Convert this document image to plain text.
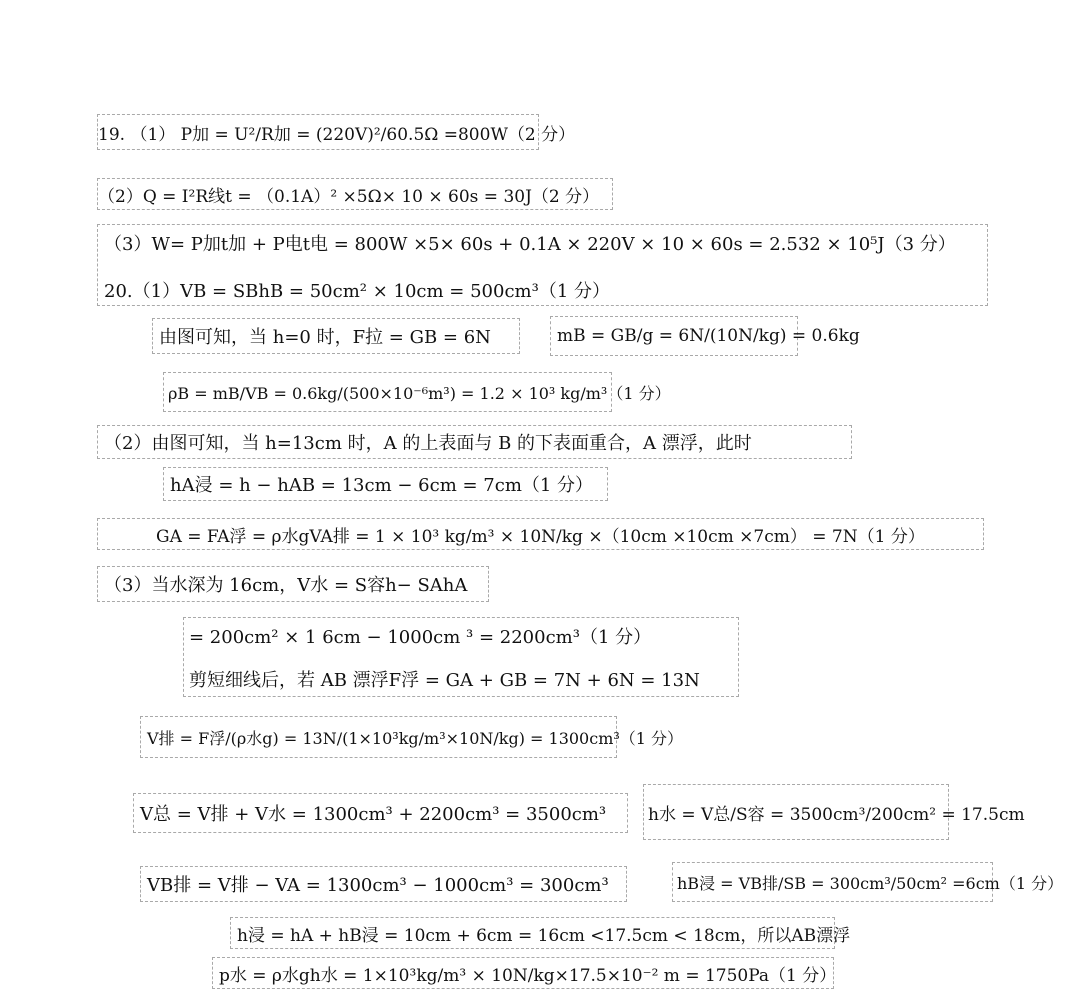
19. （1） P加 = U²/R加 = (220V)²/60.5Ω =800W（2 分）
（2）Q = I²R线t = （0.1A）² ×5Ω× 10 × 60s = 30J（2 分）
（3）W= P加t加 + P电t电 = 800W ×5× 60s + 0.1A × 220V × 10 × 60s = 2.532 × 10⁵J（3 分）
20.（1）VB = SBhB = 50cm² × 10cm = 500cm³（1 分）
由图可知，当 h=0 时，F拉 = GB = 6N	mB = GB/g = 6N/(10N/kg) = 0.6kg
ρB = mB/VB = 0.6kg/(500×10⁻⁶m³) = 1.2 × 10³ kg/m³（1 分）
（2）由图可知，当 h=13cm 时，A 的上表面与 B 的下表面重合，A 漂浮，此时
hA浸 = h − hAB = 13cm − 6cm = 7cm（1 分）
GA = FA浮 = ρ水gVA排 = 1 × 10³ kg/m³ × 10N/kg ×（10cm ×10cm ×7cm） = 7N（1 分）
（3）当水深为 16cm，V水 = S容h− SAhA
= 200cm² × 1 6cm − 1000cm ³ = 2200cm³（1 分）
剪短细线后，若 AB 漂浮F浮 = GA + GB = 7N + 6N = 13N
V排 = F浮/(ρ水g) = 13N/(1×10³kg/m³×10N/kg) = 1300cm³（1 分）
V总 = V排 + V水 = 1300cm³ + 2200cm³ = 3500cm³ h水 = V总/S容 = 3500cm³/200cm² = 17.5cm
VB排 = V排 − VA = 1300cm³ − 1000cm³ = 300cm³	hB浸 = VB排/SB = 300cm³/50cm² =6cm（1 分）
h浸 = hA + hB浸 = 10cm + 6cm = 16cm <17.5cm < 18cm，所以AB漂浮
p水 = ρ水gh水 = 1×10³kg/m³ × 10N/kg×17.5×10⁻² m = 1750Pa（1 分）
